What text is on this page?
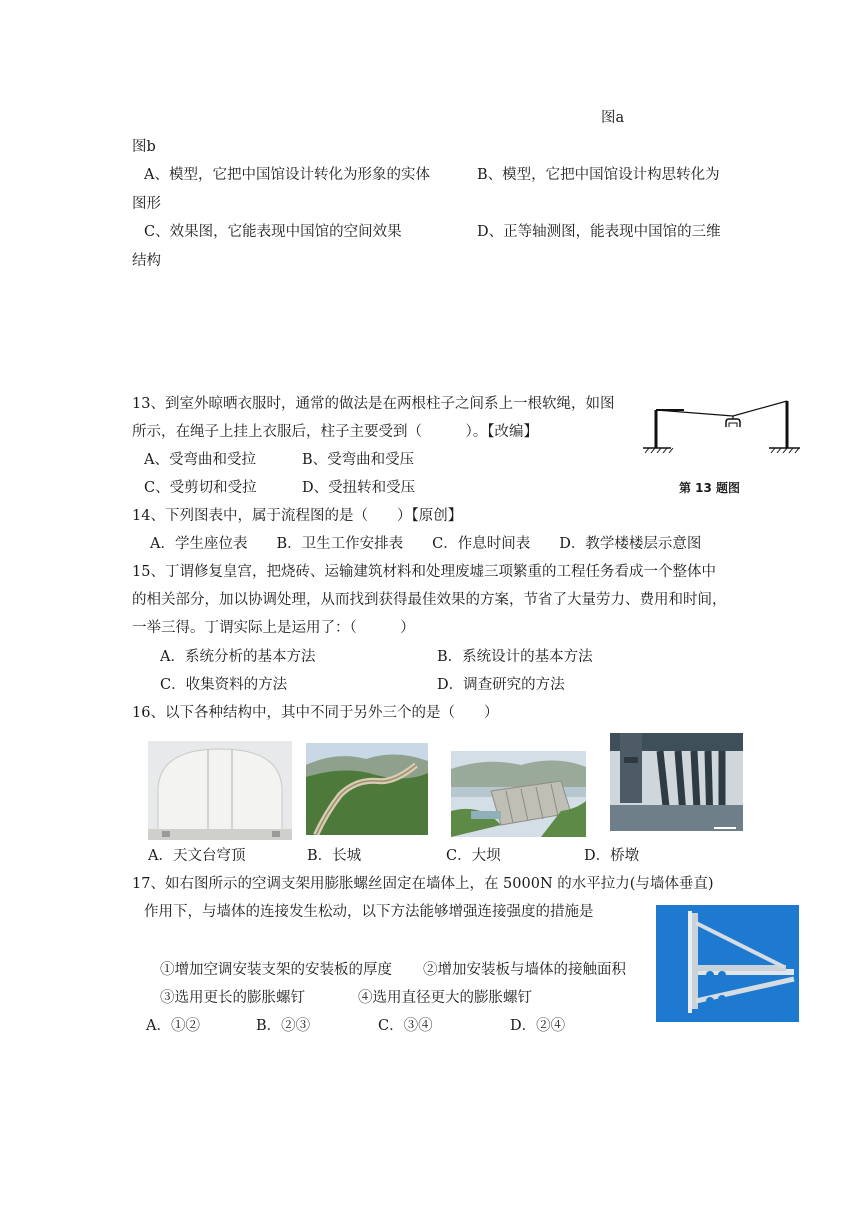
图a
图b
A、模型，它把中国馆设计转化为形象的实体	B、模型，它把中国馆设计构思转化为
图形
C、效果图，它能表现中国馆的空间效果	D、正等轴测图，能表现中国馆的三维
结构
13、到室外晾晒衣服时，通常的做法是在两根柱子之间系上一根软绳，如图
所示，在绳子上挂上衣服后，柱子主要受到（　　　）。【改编】
A、受弯曲和受拉	B、受弯曲和受压
C、受剪切和受拉	D、受扭转和受压	第 13 题图
14、下列图表中，属于流程图的是（　　）【原创】
A．学生座位表　　B．卫生工作安排表　　C．作息时间表　　D．教学楼楼层示意图
15、丁谓修复皇宫，把烧砖、运输建筑材料和处理废墟三项繁重的工程任务看成一个整体中
的相关部分，加以协调处理，从而找到获得最佳效果的方案，节省了大量劳力、费用和时间，
一举三得。丁谓实际上是运用了：（　　　）
A．系统分析的基本方法	B．系统设计的基本方法
C．收集资料的方法	D．调查研究的方法
16、以下各种结构中，其中不同于另外三个的是（　　）
A．天文台穹顶	B．长城	C．大坝	D．桥墩
17、如右图所示的空调支架用膨胀螺丝固定在墙体上，在 5000N 的水平拉力(与墙体垂直)
作用下，与墙体的连接发生松动，以下方法能够增强连接强度的措施是
①增加空调安装支架的安装板的厚度 ②增加安装板与墙体的接触面积
③选用更长的膨胀螺钉	④选用直径更大的膨胀螺钉
A．①②	B．②③	C．③④	D．②④
